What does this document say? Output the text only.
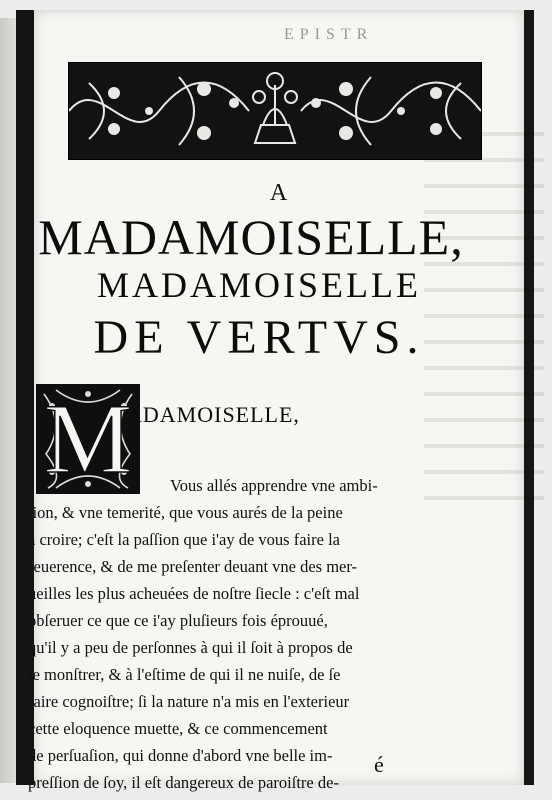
EPISTR
A
MADAMOISELLE,
MADAMOISELLE
DE VERTVS.
M
ADAMOISELLE,
Vous allés apprendre vne ambi-
tion, & vne temerité, que vous aurés de la peine
à croire; c'eſt la paſſion que i'ay de vous faire la
reuerence, & de me preſenter deuant vne des mer-
ueilles les plus acheuées de noſtre ſiecle : c'eſt mal
obſeruer ce que ce i'ay pluſieurs fois éprouué,
qu'il y a peu de perſonnes à qui il ſoit à propos de
ſe monſtrer, & à l'eſtime de qui il ne nuiſe, de ſe
faire cognoiſtre; ſi la nature n'a mis en l'exterieur
cette eloquence muette, & ce commencement
de perſuaſion, qui donne d'abord vne belle im-
preſſion de ſoy, il eſt dangereux de paroiſtre de-
é
